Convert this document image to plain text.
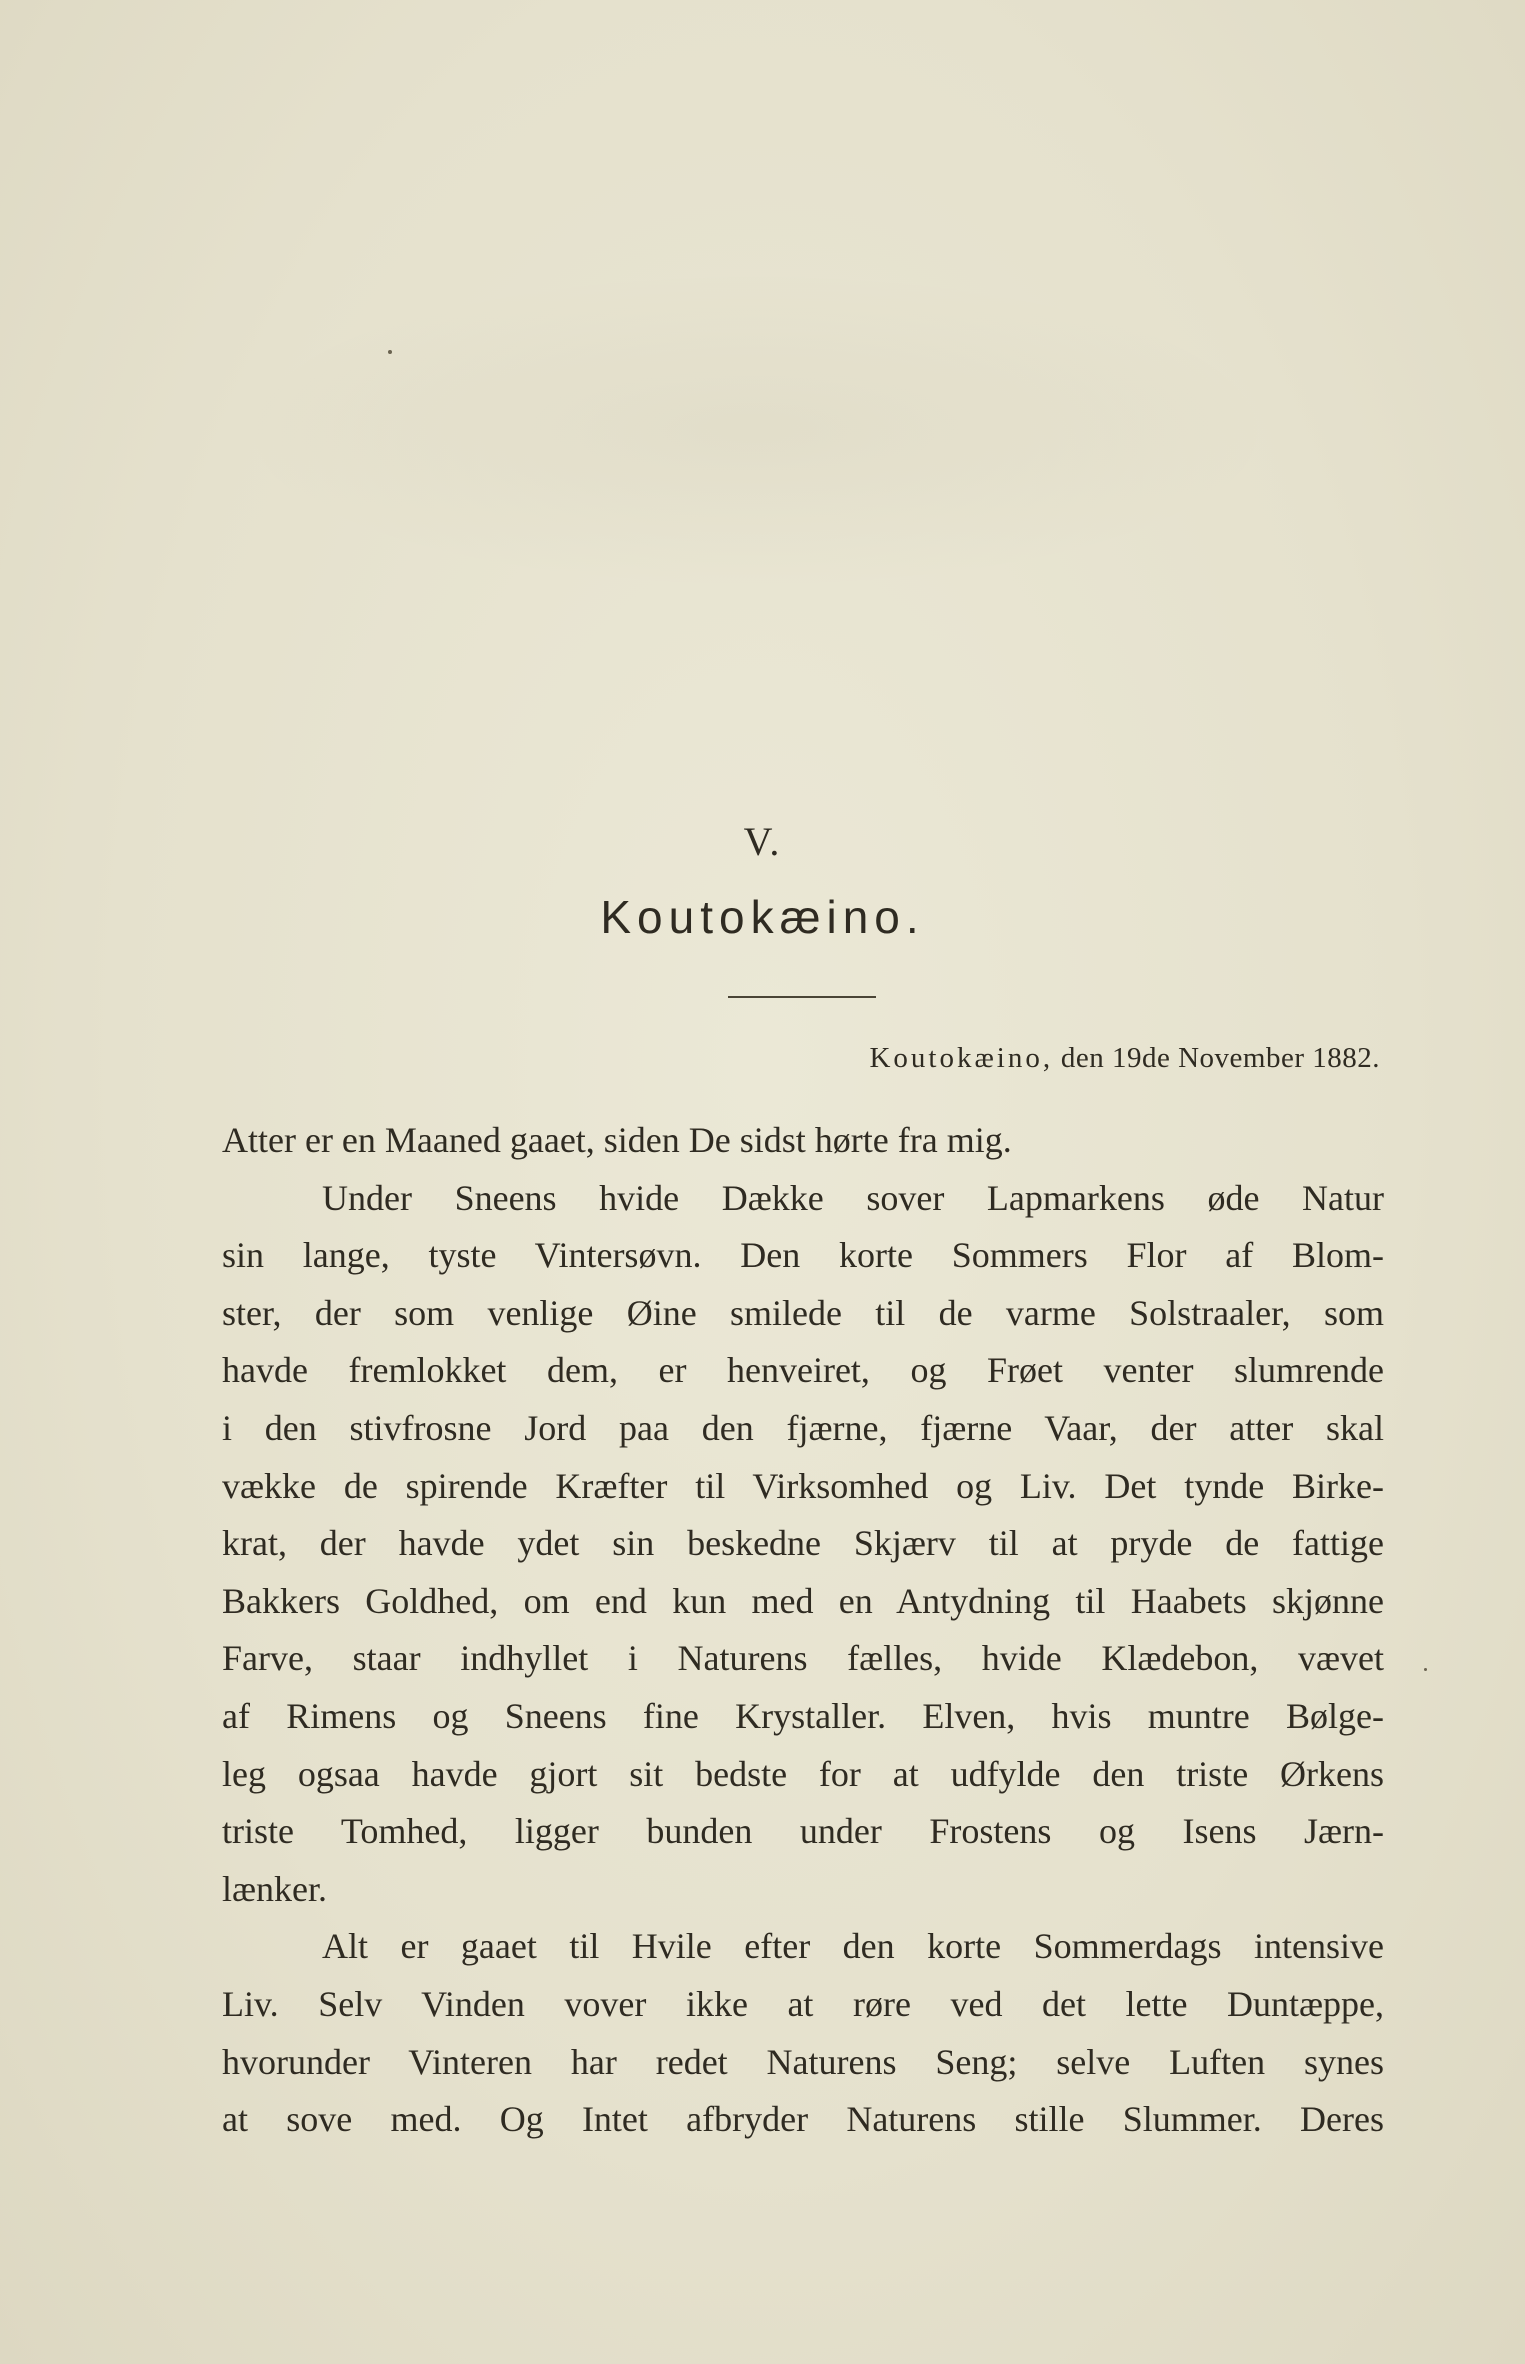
V.
Koutokæino.
Koutokæino, den 19de November 1882.
Atter er en Maaned gaaet, siden De sidst hørte fra mig.
Under Sneens hvide Dække sover Lapmarkens øde Natur
sin lange, tyste Vintersøvn. Den korte Sommers Flor af Blom-
ster, der som venlige Øine smilede til de varme Solstraaler, som
havde fremlokket dem, er henveiret, og Frøet venter slumrende
i den stivfrosne Jord paa den fjærne, fjærne Vaar, der atter skal
vække de spirende Kræfter til Virksomhed og Liv. Det tynde Birke-
krat, der havde ydet sin beskedne Skjærv til at pryde de fattige
Bakkers Goldhed, om end kun med en Antydning til Haabets skjønne
Farve, staar indhyllet i Naturens fælles, hvide Klædebon, vævet
af Rimens og Sneens fine Krystaller. Elven, hvis muntre Bølge-
leg ogsaa havde gjort sit bedste for at udfylde den triste Ørkens
triste Tomhed, ligger bunden under Frostens og Isens Jærn-
lænker.
Alt er gaaet til Hvile efter den korte Sommerdags intensive
Liv. Selv Vinden vover ikke at røre ved det lette Duntæppe,
hvorunder Vinteren har redet Naturens Seng; selve Luften synes
at sove med. Og Intet afbryder Naturens stille Slummer. Deres
